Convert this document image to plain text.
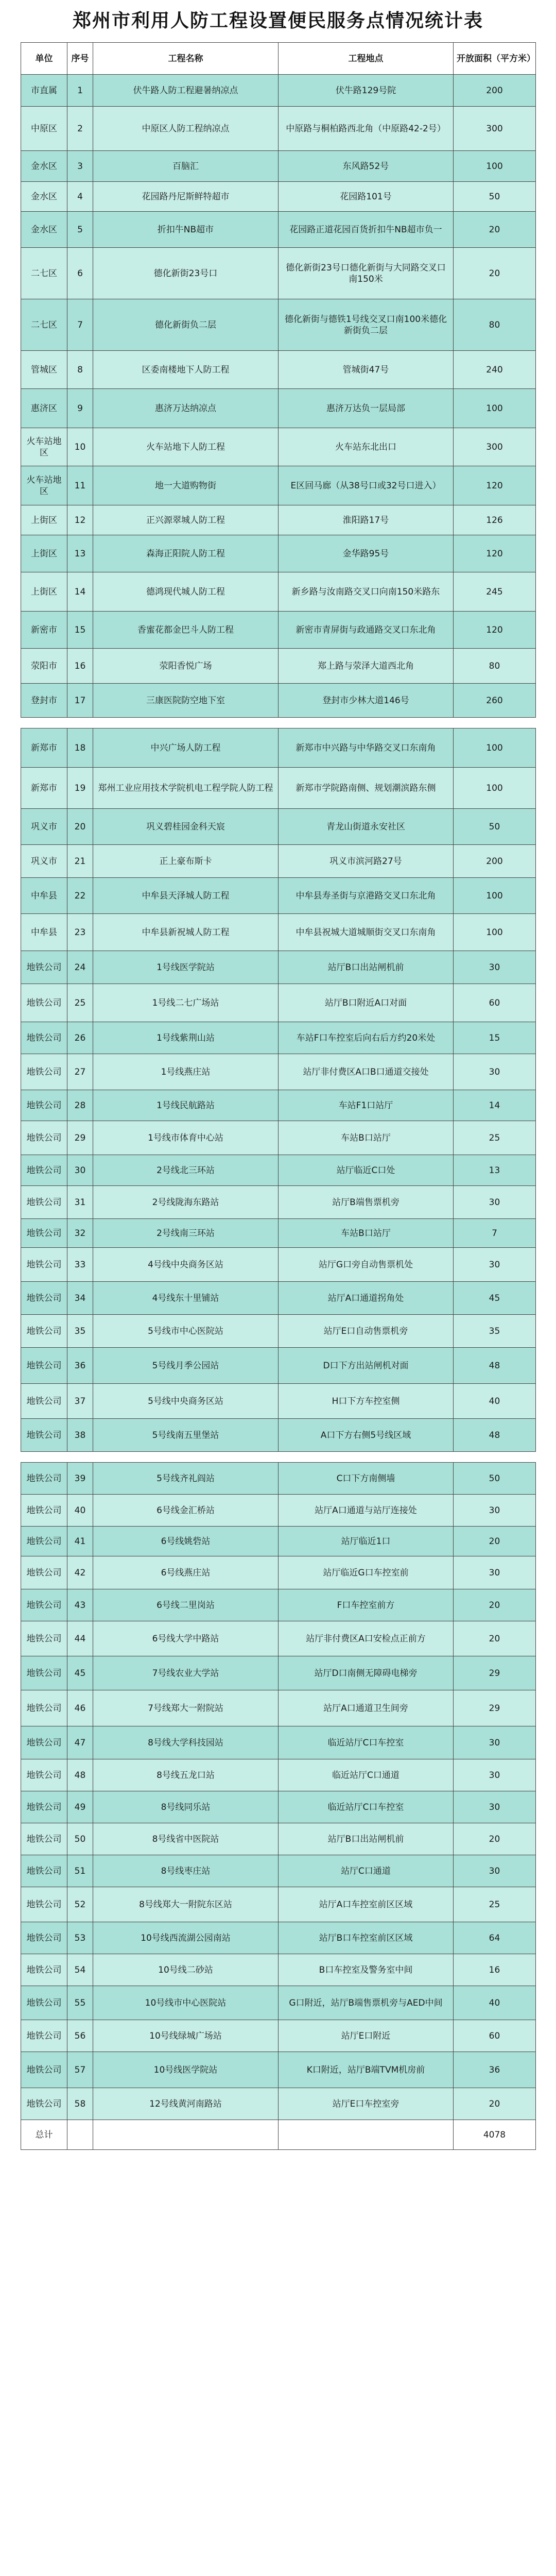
郑州市利用人防工程设置便民服务点情况统计表
单位	序号	工程名称	工程地点	开放面积（平方米）
市直属	1	伏牛路人防工程避暑纳凉点	伏牛路129号院	200
中原区	2	中原区人防工程纳凉点	中原路与桐柏路西北角（中原路42-2号）	300
金水区	3	百脑汇	东风路52号	100
金水区	4	花园路丹尼斯鲜特超市	花园路101号	50
金水区	5	折扣牛NB超市	花园路正道花园百货折扣牛NB超市负一	20
二七区	6	德化新街23号口	德化新街23号口德化新街与大同路交叉口南150米	20
二七区	7	德化新街负二层	德化新街与德铁1号线交叉口南100米德化新街负二层	80
管城区	8	区委南楼地下人防工程	管城街47号	240
惠济区	9	惠济万达纳凉点	惠济万达负一层局部	100
火车站地区	10	火车站地下人防工程	火车站东北出口	300
火车站地区	11	地一大道购物街	E区回马廊（从38号口或32号口进入）	120
上街区	12	正兴源翠城人防工程	淮阳路17号	126
上街区	13	森海正阳院人防工程	金华路95号	120
上街区	14	德鸿现代城人防工程	新乡路与汝南路交叉口向南150米路东	245
新密市	15	香蜜花都金巴斗人防工程	新密市青屏街与政通路交叉口东北角	120
荥阳市	16	荥阳香悦广场	郑上路与荥泽大道西北角	80
登封市	17	三康医院防空地下室	登封市少林大道146号	260
新郑市	18	中兴广场人防工程	新郑市中兴路与中华路交叉口东南角	100
新郑市	19	郑州工业应用技术学院机电工程学院人防工程	新郑市学院路南侧、规划潮滨路东侧	100
巩义市	20	巩义碧桂园金科天宸	青龙山街道永安社区	50
巩义市	21	正上豪布斯卡	巩义市滨河路27号	200
中牟县	22	中牟县天泽城人防工程	中牟县寿圣街与京港路交叉口东北角	100
中牟县	23	中牟县新祝城人防工程	中牟县祝城大道城顺街交叉口东南角	100
地铁公司	24	1号线医学院站	站厅B口出站闸机前	30
地铁公司	25	1号线二七广场站	站厅B口附近A口对面	60
地铁公司	26	1号线紫荆山站	车站F口车控室后向右后方约20米处	15
地铁公司	27	1号线燕庄站	站厅非付费区A口B口通道交接处	30
地铁公司	28	1号线民航路站	车站F1口站厅	14
地铁公司	29	1号线市体育中心站	车站B口站厅	25
地铁公司	30	2号线北三环站	站厅临近C口处	13
地铁公司	31	2号线陇海东路站	站厅B端售票机旁	30
地铁公司	32	2号线南三环站	车站B口站厅	7
地铁公司	33	4号线中央商务区站	站厅G口旁自动售票机处	30
地铁公司	34	4号线东十里铺站	站厅A口通道拐角处	45
地铁公司	35	5号线市中心医院站	站厅E口自动售票机旁	35
地铁公司	36	5号线月季公园站	D口下方出站闸机对面	48
地铁公司	37	5号线中央商务区站	H口下方车控室侧	40
地铁公司	38	5号线南五里堡站	A口下方右侧5号线区域	48
地铁公司	39	5号线齐礼阎站	C口下方南侧墙	50
地铁公司	40	6号线金汇桥站	站厅A口通道与站厅连接处	30
地铁公司	41	6号线姚砦站	站厅临近1口	20
地铁公司	42	6号线燕庄站	站厅临近G口车控室前	30
地铁公司	43	6号线二里岗站	F口车控室前方	20
地铁公司	44	6号线大学中路站	站厅非付费区A口安检点正前方	20
地铁公司	45	7号线农业大学站	站厅D口南侧无障碍电梯旁	29
地铁公司	46	7号线郑大一附院站	站厅A口通道卫生间旁	29
地铁公司	47	8号线大学科技园站	临近站厅C口车控室	30
地铁公司	48	8号线五龙口站	临近站厅C口通道	30
地铁公司	49	8号线同乐站	临近站厅C口车控室	30
地铁公司	50	8号线省中医院站	站厅B口出站闸机前	20
地铁公司	51	8号线枣庄站	站厅C口通道	30
地铁公司	52	8号线郑大一附院东区站	站厅A口车控室前区区域	25
地铁公司	53	10号线西流湖公园南站	站厅B口车控室前区区域	64
地铁公司	54	10号线二砂站	B口车控室及警务室中间	16
地铁公司	55	10号线市中心医院站	G口附近，站厅B端售票机旁与AED中间	40
地铁公司	56	10号线绿城广场站	站厅E口附近	60
地铁公司	57	10号线医学院站	K口附近，站厅B端TVM机房前	36
地铁公司	58	12号线黄河南路站	站厅E口车控室旁	20
总计				4078
